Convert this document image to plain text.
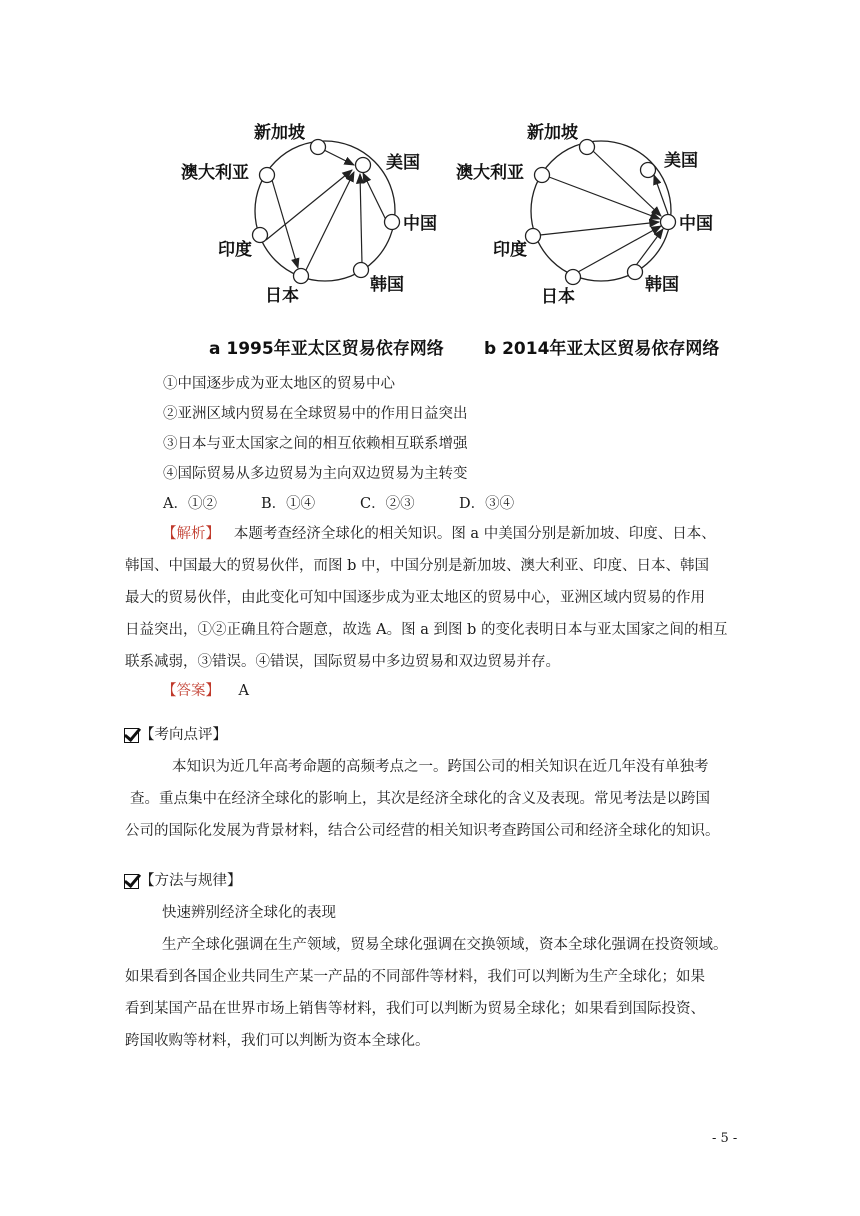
新加坡
美国
澳大利亚
中国
印度
韩国
日本
新加坡
美国
澳大利亚
中国
印度
韩国
日本
a 1995年亚太区贸易依存网络 b 2014年亚太区贸易依存网络
①中国逐步成为亚太地区的贸易中心
②亚洲区域内贸易在全球贸易中的作用日益突出
③日本与亚太国家之间的相互依赖相互联系增强
④国际贸易从多边贸易为主向双边贸易为主转变
A．①②	B．①④	C．②③	D．③④
【解析】 本题考查经济全球化的相关知识。图 a 中美国分别是新加坡、印度、日本、
韩国、中国最大的贸易伙伴，而图 b 中，中国分别是新加坡、澳大利亚、印度、日本、韩国
最大的贸易伙伴，由此变化可知中国逐步成为亚太地区的贸易中心，亚洲区域内贸易的作用
日益突出，①②正确且符合题意，故选 A。图 a 到图 b 的变化表明日本与亚太国家之间的相互
联系减弱，③错误。④错误，国际贸易中多边贸易和双边贸易并存。
【答案】 A
【考向点评】
本知识为近几年高考命题的高频考点之一。跨国公司的相关知识在近几年没有单独考
查。重点集中在经济全球化的影响上，其次是经济全球化的含义及表现。常见考法是以跨国
公司的国际化发展为背景材料，结合公司经营的相关知识考查跨国公司和经济全球化的知识。
【方法与规律】
快速辨别经济全球化的表现
生产全球化强调在生产领域，贸易全球化强调在交换领域，资本全球化强调在投资领域。
如果看到各国企业共同生产某一产品的不同部件等材料，我们可以判断为生产全球化；如果
看到某国产品在世界市场上销售等材料，我们可以判断为贸易全球化；如果看到国际投资、
跨国收购等材料，我们可以判断为资本全球化。
- 5 -
